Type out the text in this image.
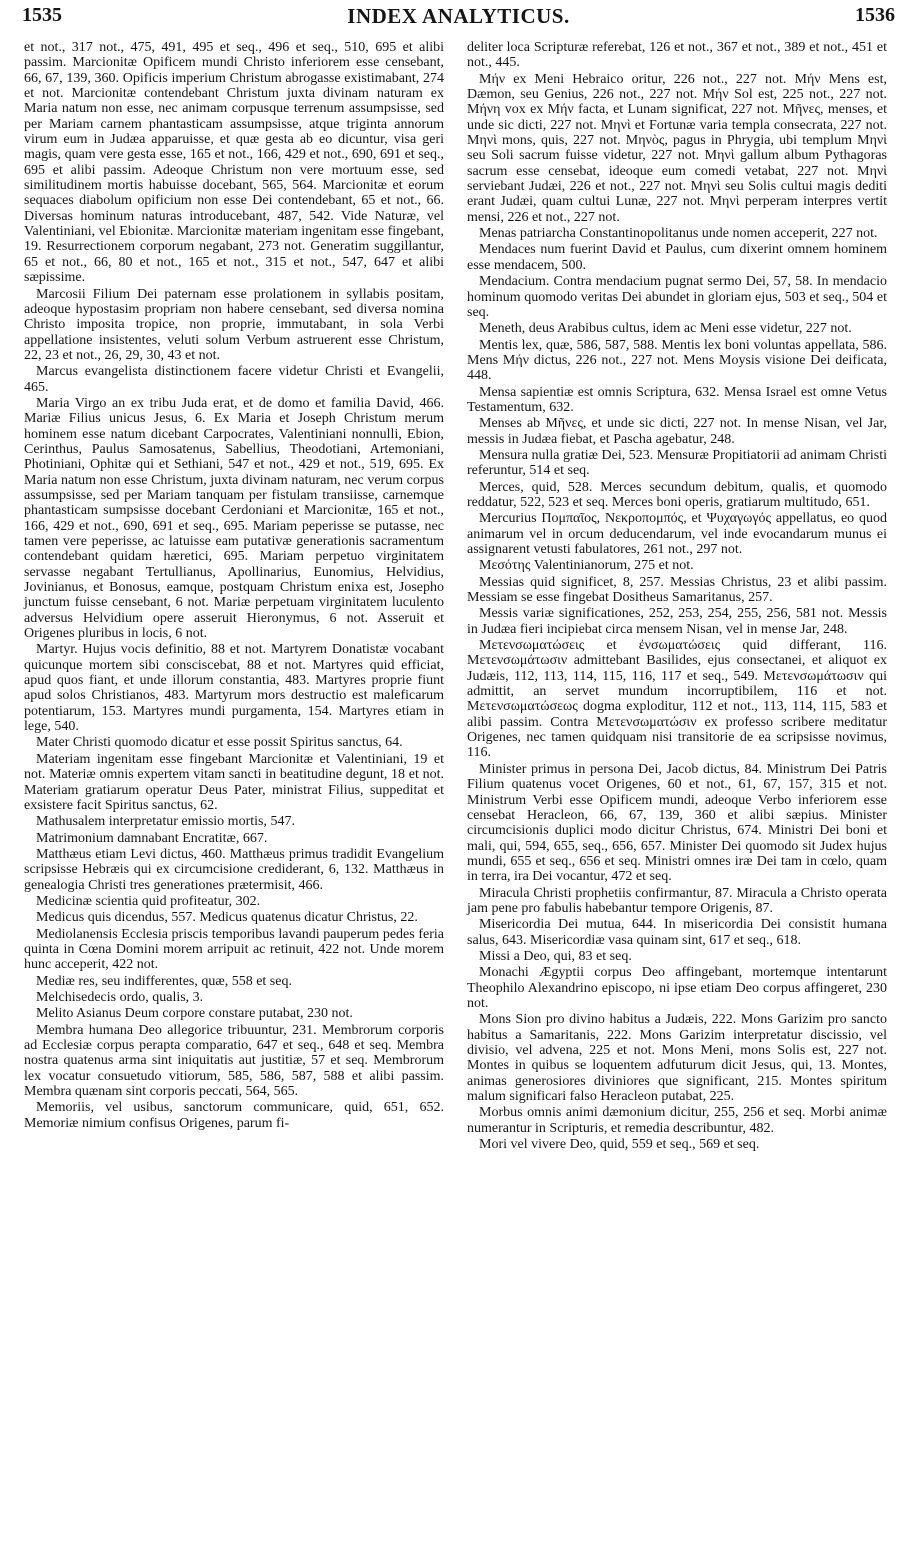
1535	INDEX ANALYTICUS.	1536

et not., 317 not., 475, 491, 495 et seq., 496 et seq., 510, 695 et alibi passim. Marcionitæ Opificem mundi Christo inferiorem esse censebant, 66, 67, 139, 360. Opificis imperium Christum abrogasse existimabant, 274 et not. Marcionitæ contendebant Christum juxta divinam naturam ex Maria natum non esse, nec animam corpusque terrenum assumpsisse, sed per Mariam carnem phantasticam assumpsisse, atque triginta annorum virum eum in Judæa apparuisse, et quæ gesta ab eo dicuntur, visa geri magis, quam vere gesta esse, 165 et not., 166, 429 et not., 690, 691 et seq., 695 et alibi passim. Adeoque Christum non vere mortuum esse, sed similitudinem mortis habuisse docebant, 565, 564. Marcionitæ et eorum sequaces diabolum opificium non esse Dei contendebant, 65 et not., 66. Diversas hominum naturas introducebant, 487, 542. Vide Naturæ, vel Valentiniani, vel Ebionitæ. Marcionitæ materiam ingenitam esse fingebant, 19. Resurrectionem corporum negabant, 273 not. Generatim suggillantur, 65 et not., 66, 80 et not., 165 et not., 315 et not., 547, 647 et alibi sæpissime.

Marcosii Filium Dei paternam esse prolationem in syllabis positam, adeoque hypostasim propriam non habere censebant, sed diversa nomina Christo imposita tropice, non proprie, immutabant, in sola Verbi appellatione insistentes, veluti solum Verbum astruerent esse Christum, 22, 23 et not., 26, 29, 30, 43 et not.

Marcus evangelista distinctionem facere videtur Christi et Evangelii, 465.

Maria Virgo an ex tribu Juda erat, et de domo et familia David, 466. Mariæ Filius unicus Jesus, 6. Ex Maria et Joseph Christum merum hominem esse natum dicebant Carpocrates, Valentiniani nonnulli, Ebion, Cerinthus, Paulus Samosatenus, Sabellius, Theodotiani, Artemoniani, Photiniani, Ophitæ qui et Sethiani, 547 et not., 429 et not., 519, 695. Ex Maria natum non esse Christum, juxta divinam naturam, nec verum corpus assumpsisse, sed per Mariam tanquam per fistulam transiisse, carnemque phantasticam sumpsisse docebant Cerdoniani et Marcionitæ, 165 et not., 166, 429 et not., 690, 691 et seq., 695. Mariam peperisse se putasse, nec tamen vere peperisse, ac latuisse eam putativæ generationis sacramentum contendebant quidam hæretici, 695. Mariam perpetuo virginitatem servasse negabant Tertullianus, Apollinarius, Eunomius, Helvidius, Jovinianus, et Bonosus, eamque, postquam Christum enixa est, Josepho junctum fuisse censebant, 6 not. Mariæ perpetuam virginitatem luculento adversus Helvidium opere asseruit Hieronymus, 6 not. Asseruit et Origenes pluribus in locis, 6 not.

Martyr. Hujus vocis definitio, 88 et not. Martyrem Donatistæ vocabant quicunque mortem sibi consciscebat, 88 et not. Martyres quid efficiat, apud quos fiant, et unde illorum constantia, 483. Martyres proprie fiunt apud solos Christianos, 483. Martyrum mors destructio est maleficarum potentiarum, 153. Martyres mundi purgamenta, 154. Martyres etiam in lege, 540.

Mater Christi quomodo dicatur et esse possit Spiritus sanctus, 64.

Materiam ingenitam esse fingebant Marcionitæ et Valentiniani, 19 et not. Materiæ omnis expertem vitam sancti in beatitudine degunt, 18 et not. Materiam gratiarum operatur Deus Pater, ministrat Filius, suppeditat et exsistere facit Spiritus sanctus, 62.

Mathusalem interpretatur emissio mortis, 547.

Matrimonium damnabant Encratitæ, 667.

Matthæus etiam Levi dictus, 460. Matthæus primus tradidit Evangelium scripsisse Hebræis qui ex circumcisione crediderant, 6, 132. Matthæus in genealogia Christi tres generationes prætermisit, 466.

Medicinæ scientia quid profiteatur, 302.

Medicus quis dicendus, 557. Medicus quatenus dicatur Christus, 22.

Mediolanensis Ecclesia priscis temporibus lavandi pauperum pedes feria quinta in Cœna Domini morem arripuit ac retinuit, 422 not. Unde morem hunc acceperit, 422 not.

Mediæ res, seu indifferentes, quæ, 558 et seq.

Melchisedecis ordo, qualis, 3.

Melito Asianus Deum corpore constare putabat, 230 not.

Membra humana Deo allegorice tribuuntur, 231. Membrorum corporis ad Ecclesiæ corpus perapta comparatio, 647 et seq., 648 et seq. Membra nostra quatenus arma sint iniquitatis aut justitiæ, 57 et seq. Membrorum lex vocatur consuetudo vitiorum, 585, 586, 587, 588 et alibi passim. Membra quænam sint corporis peccati, 564, 565.

Memoriis, vel usibus, sanctorum communicare, quid, 651, 652. Memoriæ nimium confisus Origenes, parum fi-

deliter loca Scripturæ referebat, 126 et not., 367 et not., 389 et not., 451 et not., 445.

Μήν ex Meni Hebraico oritur, 226 not., 227 not. Μήν Mens est, Dæmon, seu Genius, 226 not., 227 not. Μήν Sol est, 225 not., 227 not. Μήνη vox ex Μήν facta, et Lunam significat, 227 not. Μῆνες, menses, et unde sic dicti, 227 not. Μηνὶ et Fortunæ varia templa consecrata, 227 not. Μηνὶ mons, quis, 227 not. Μηνὸς, pagus in Phrygia, ubi templum Μηνὶ seu Soli sacrum fuisse videtur, 227 not. Μηνὶ gallum album Pythagoras sacrum esse censebat, ideoque eum comedi vetabat, 227 not. Μηνὶ serviebant Judæi, 226 et not., 227 not. Μηνὶ seu Solis cultui magis dediti erant Judæi, quam cultui Lunæ, 227 not. Μηνὶ perperam interpres vertit mensi, 226 et not., 227 not.

Menas patriarcha Constantinopolitanus unde nomen acceperit, 227 not.

Mendaces num fuerint David et Paulus, cum dixerint omnem hominem esse mendacem, 500.

Mendacium. Contra mendacium pugnat sermo Dei, 57, 58. In mendacio hominum quomodo veritas Dei abundet in gloriam ejus, 503 et seq., 504 et seq.

Meneth, deus Arabibus cultus, idem ac Meni esse videtur, 227 not.

Mentis lex, quæ, 586, 587, 588. Mentis lex boni voluntas appellata, 586. Mens Μήν dictus, 226 not., 227 not. Mens Moysis visione Dei deificata, 448.

Mensa sapientiæ est omnis Scriptura, 632. Mensa Israel est omne Vetus Testamentum, 632.

Menses ab Μῆνες, et unde sic dicti, 227 not. In mense Nisan, vel Jar, messis in Judæa fiebat, et Pascha agebatur, 248.

Mensura nulla gratiæ Dei, 523. Mensuræ Propitiatorii ad animam Christi referuntur, 514 et seq.

Merces, quid, 528. Merces secundum debitum, qualis, et quomodo reddatur, 522, 523 et seq. Merces boni operis, gratiarum multitudo, 651.

Mercurius Πομπαῖος, Νεκροπομπός, et Ψυχαγωγός appellatus, eo quod animarum vel in orcum deducendarum, vel inde evocandarum munus ei assignarent vetusti fabulatores, 261 not., 297 not.

Μεσότης Valentinianorum, 275 et not.

Messias quid significet, 8, 257. Messias Christus, 23 et alibi passim. Messiam se esse fingebat Dositheus Samaritanus, 257.

Messis variæ significationes, 252, 253, 254, 255, 256, 581 not. Messis in Judæa fieri incipiebat circa mensem Nisan, vel in mense Jar, 248.

Μετενσωματώσεις et ἐνσωματώσεις quid differant, 116. Μετενσωμάτωσιν admittebant Basilides, ejus consectanei, et aliquot ex Judæis, 112, 113, 114, 115, 116, 117 et seq., 549. Μετενσωμάτωσιν qui admittit, an servet mundum incorruptibilem, 116 et not. Μετενσωματώσεως dogma exploditur, 112 et not., 113, 114, 115, 583 et alibi passim. Contra Μετενσωματώσιν ex professo scribere meditatur Origenes, nec tamen quidquam nisi transitorie de ea scripsisse novimus, 116.

Minister primus in persona Dei, Jacob dictus, 84. Ministrum Dei Patris Filium quatenus vocet Origenes, 60 et not., 61, 67, 157, 315 et not. Ministrum Verbi esse Opificem mundi, adeoque Verbo inferiorem esse censebat Heracleon, 66, 67, 139, 360 et alibi sæpius. Minister circumcisionis duplici modo dicitur Christus, 674. Ministri Dei boni et mali, qui, 594, 655, seq., 656, 657. Minister Dei quomodo sit Judex hujus mundi, 655 et seq., 656 et seq. Ministri omnes iræ Dei tam in cœlo, quam in terra, ira Dei vocantur, 472 et seq.

Miracula Christi prophetiis confirmantur, 87. Miracula a Christo operata jam pene pro fabulis habebantur tempore Origenis, 87.

Misericordia Dei mutua, 644. In misericordia Dei consistit humana salus, 643. Misericordiæ vasa quinam sint, 617 et seq., 618.

Missi a Deo, qui, 83 et seq.

Monachi Ægyptii corpus Deo affingebant, mortemque intentarunt Theophilo Alexandrino episcopo, ni ipse etiam Deo corpus affingeret, 230 not.

Mons Sion pro divino habitus a Judæis, 222. Mons Garizim pro sancto habitus a Samaritanis, 222. Mons Garizim interpretatur discissio, vel divisio, vel advena, 225 et not. Mons Meni, mons Solis est, 227 not. Montes in quibus se loquentem adfuturum dicit Jesus, qui, 13. Montes, animas generosiores diviniores que significant, 215. Montes spiritum malum significari falso Heracleon putabat, 225.

Morbus omnis animi dæmonium dicitur, 255, 256 et seq. Morbi animæ numerantur in Scripturis, et remedia describuntur, 482.

Mori vel vivere Deo, quid, 559 et seq., 569 et seq.
